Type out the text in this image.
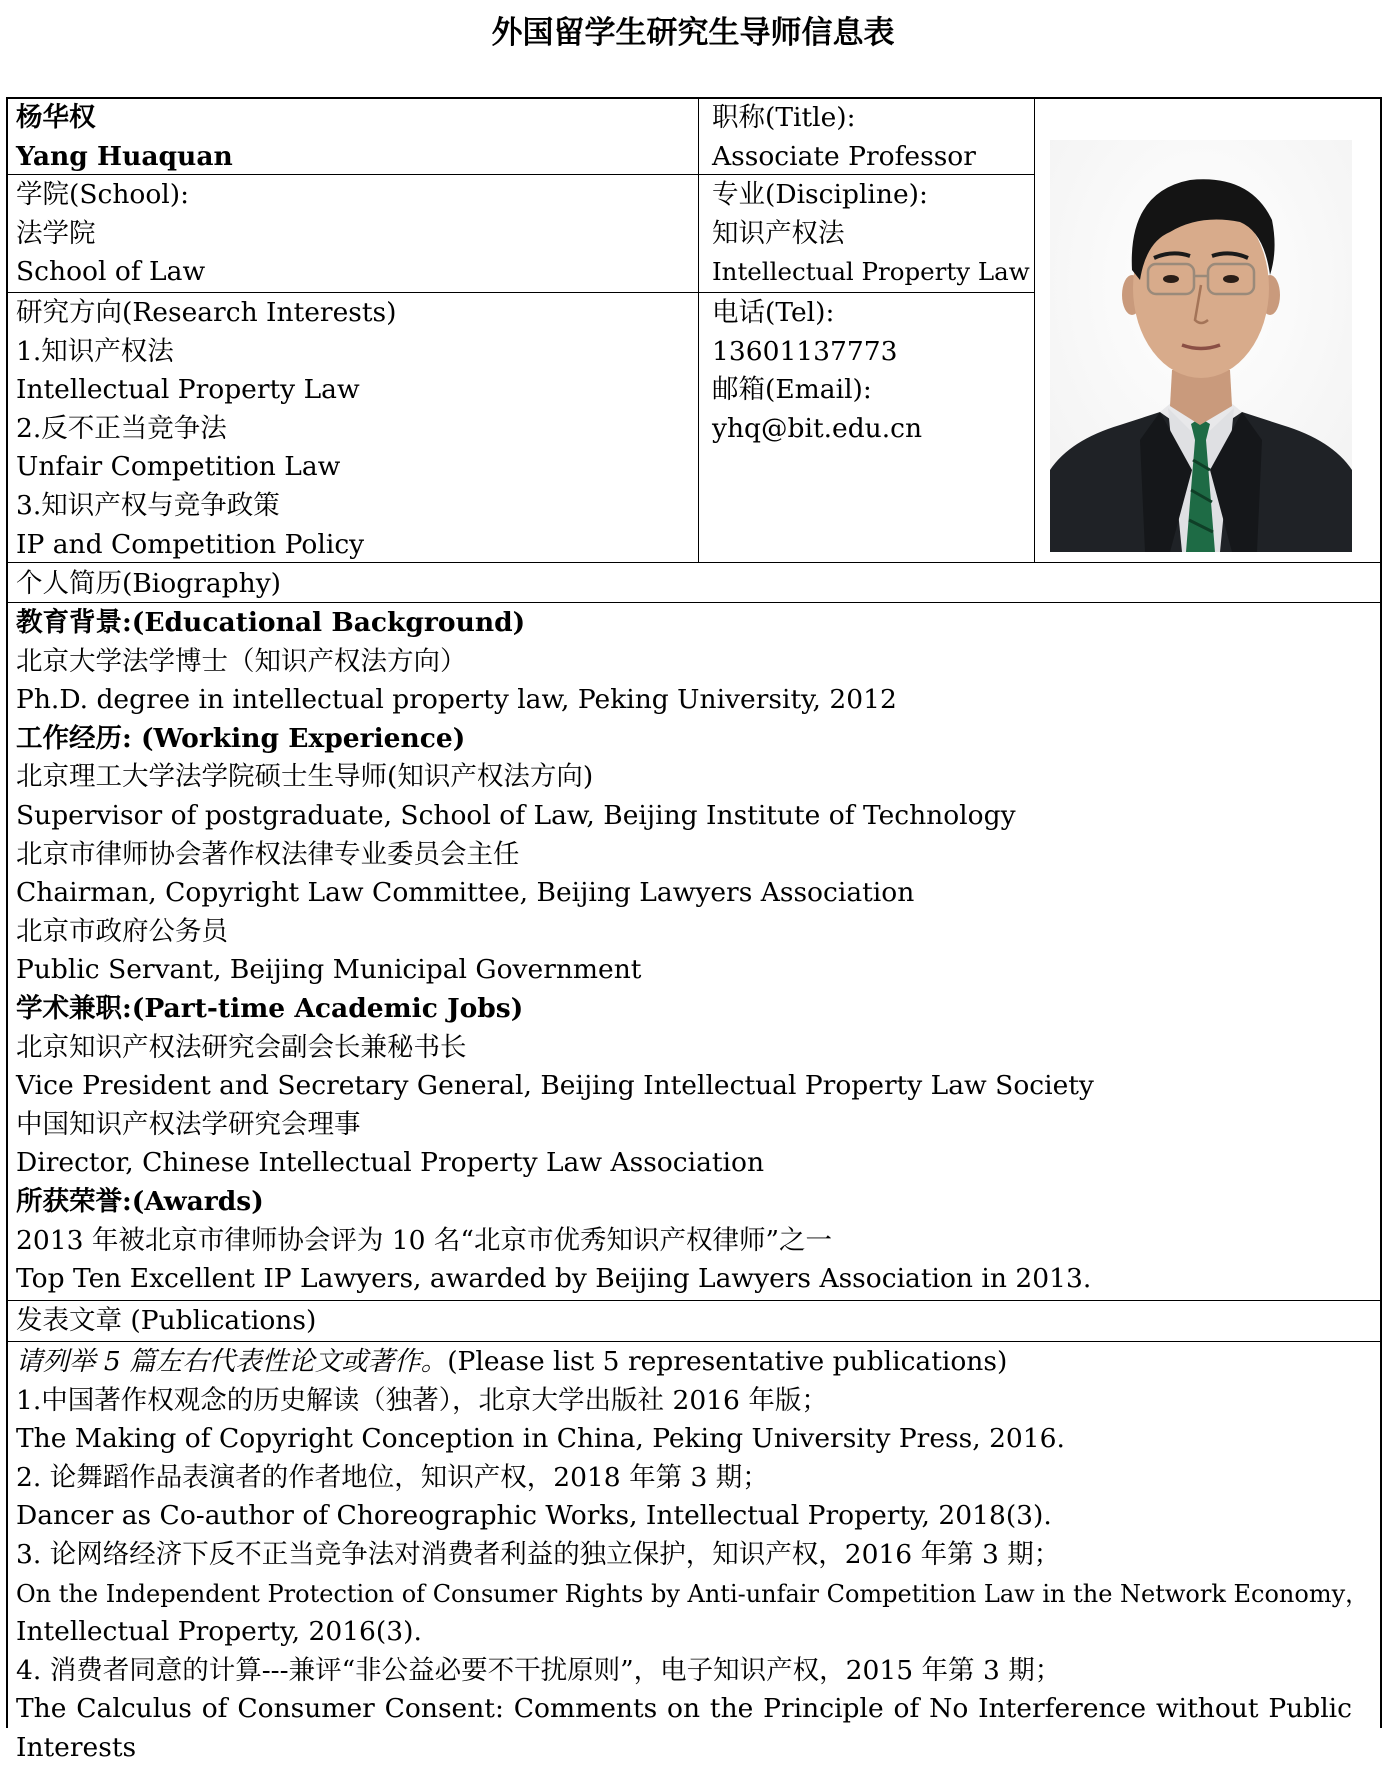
外国留学生研究生导师信息表
杨华权
Yang Huaquan
职称(Title):
Associate Professor
学院(School):
法学院
School of Law
专业(Discipline):
知识产权法
Intellectual Property Law
研究方向(Research Interests)
1.知识产权法
Intellectual Property Law
2.反不正当竞争法
Unfair Competition Law
3.知识产权与竞争政策
IP and Competition Policy
电话(Tel):
13601137773
邮箱(Email):
yhq@bit.edu.cn
个人简历(Biography)
教育背景:(Educational Background)
北京大学法学博士（知识产权法方向）
Ph.D. degree in intellectual property law, Peking University, 2012
工作经历: (Working Experience)
北京理工大学法学院硕士生导师(知识产权法方向)
Supervisor of postgraduate, School of Law, Beijing Institute of Technology
北京市律师协会著作权法律专业委员会主任
Chairman, Copyright Law Committee, Beijing Lawyers Association
北京市政府公务员
Public Servant, Beijing Municipal Government
学术兼职:(Part-time Academic Jobs)
北京知识产权法研究会副会长兼秘书长
Vice President and Secretary General, Beijing Intellectual Property Law Society
中国知识产权法学研究会理事
Director, Chinese Intellectual Property Law Association
所获荣誉:(Awards)
2013 年被北京市律师协会评为 10 名“北京市优秀知识产权律师”之一
Top Ten Excellent IP Lawyers, awarded by Beijing Lawyers Association in 2013.
发表文章 (Publications)
请列举 5 篇左右代表性论文或著作。(Please list 5 representative publications)
1.中国著作权观念的历史解读（独著），北京大学出版社 2016 年版；
The Making of Copyright Conception in China, Peking University Press, 2016.
2. 论舞蹈作品表演者的作者地位，知识产权，2018 年第 3 期；
Dancer as Co-author of Choreographic Works, Intellectual Property, 2018(3).
3. 论网络经济下反不正当竞争法对消费者利益的独立保护，知识产权，2016 年第 3 期；
On the Independent Protection of Consumer Rights by Anti-unfair Competition Law in the Network Economy，
Intellectual Property, 2016(3).
4. 消费者同意的计算---兼评“非公益必要不干扰原则”，电子知识产权，2015 年第 3 期；
The Calculus of Consumer Consent: Comments on the Principle of No Interference without Public Interests
